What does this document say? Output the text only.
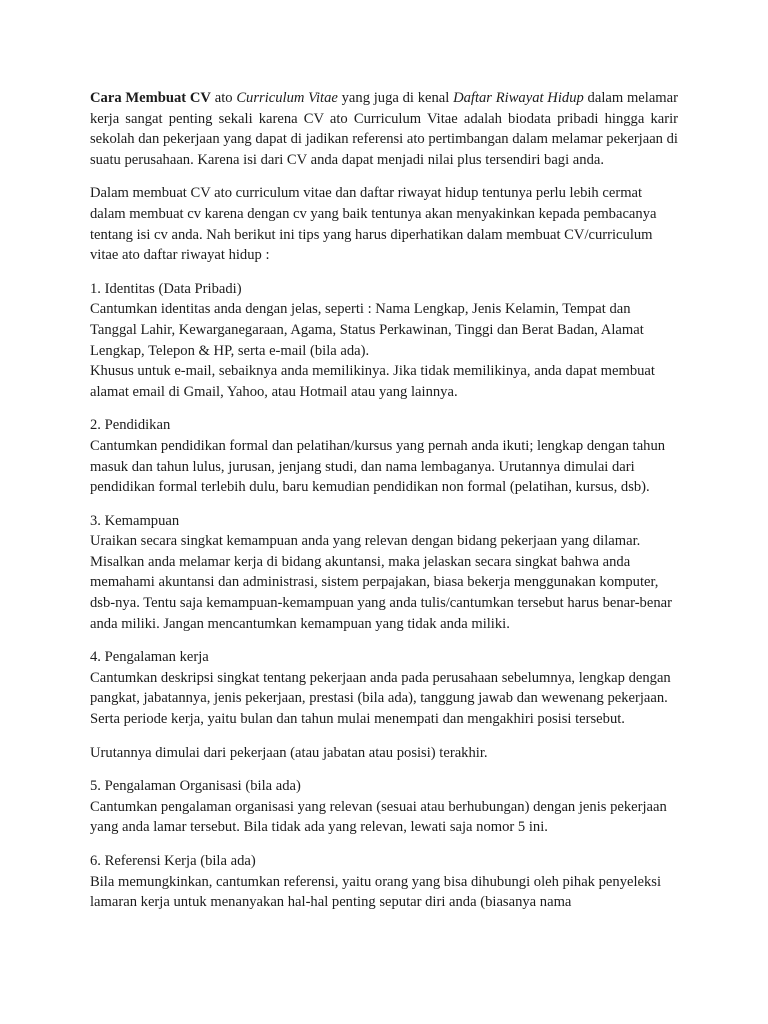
Cara Membuat CV ato Curriculum Vitae yang juga di kenal Daftar Riwayat Hidup dalam melamar kerja sangat penting sekali karena CV ato Curriculum Vitae adalah biodata pribadi hingga karir sekolah dan pekerjaan yang dapat di jadikan referensi ato pertimbangan dalam melamar pekerjaan di suatu perusahaan. Karena isi dari CV anda dapat menjadi nilai plus tersendiri bagi anda.

Dalam membuat CV ato curriculum vitae dan daftar riwayat hidup tentunya perlu lebih cermat dalam membuat cv karena dengan cv yang baik tentunya akan menyakinkan kepada pembacanya tentang isi cv anda. Nah berikut ini tips yang harus diperhatikan dalam membuat CV/curriculum vitae ato daftar riwayat hidup :

1. Identitas (Data Pribadi)
Cantumkan identitas anda dengan jelas, seperti : Nama Lengkap, Jenis Kelamin, Tempat dan Tanggal Lahir, Kewarganegaraan, Agama, Status Perkawinan, Tinggi dan Berat Badan, Alamat Lengkap, Telepon & HP, serta e-mail (bila ada).
Khusus untuk e-mail, sebaiknya anda memilikinya. Jika tidak memilikinya, anda dapat membuat alamat email di Gmail, Yahoo, atau Hotmail atau yang lainnya.
2. Pendidikan
Cantumkan pendidikan formal dan pelatihan/kursus yang pernah anda ikuti; lengkap dengan tahun masuk dan tahun lulus, jurusan, jenjang studi, dan nama lembaganya. Urutannya dimulai dari pendidikan formal terlebih dulu, baru kemudian pendidikan non formal (pelatihan, kursus, dsb).
3. Kemampuan
Uraikan secara singkat kemampuan anda yang relevan dengan bidang pekerjaan yang dilamar. Misalkan anda melamar kerja di bidang akuntansi, maka jelaskan secara singkat bahwa anda memahami akuntansi dan administrasi, sistem perpajakan, biasa bekerja menggunakan komputer, dsb-nya. Tentu saja kemampuan-kemampuan yang anda tulis/cantumkan tersebut harus benar-benar anda miliki. Jangan mencantumkan kemampuan yang tidak anda miliki.
4. Pengalaman kerja
Cantumkan deskripsi singkat tentang pekerjaan anda pada perusahaan sebelumnya, lengkap dengan pangkat, jabatannya, jenis pekerjaan, prestasi (bila ada), tanggung jawab dan wewenang pekerjaan. Serta periode kerja, yaitu bulan dan tahun mulai menempati dan mengakhiri posisi tersebut.
Urutannya dimulai dari pekerjaan (atau jabatan atau posisi) terakhir.
5. Pengalaman Organisasi (bila ada)
Cantumkan pengalaman organisasi yang relevan (sesuai atau berhubungan) dengan jenis pekerjaan yang anda lamar tersebut. Bila tidak ada yang relevan, lewati saja nomor 5 ini.
6. Referensi Kerja (bila ada)
Bila memungkinkan, cantumkan referensi, yaitu orang yang bisa dihubungi oleh pihak penyeleksi lamaran kerja untuk menanyakan hal-hal penting seputar diri anda (biasanya nama
